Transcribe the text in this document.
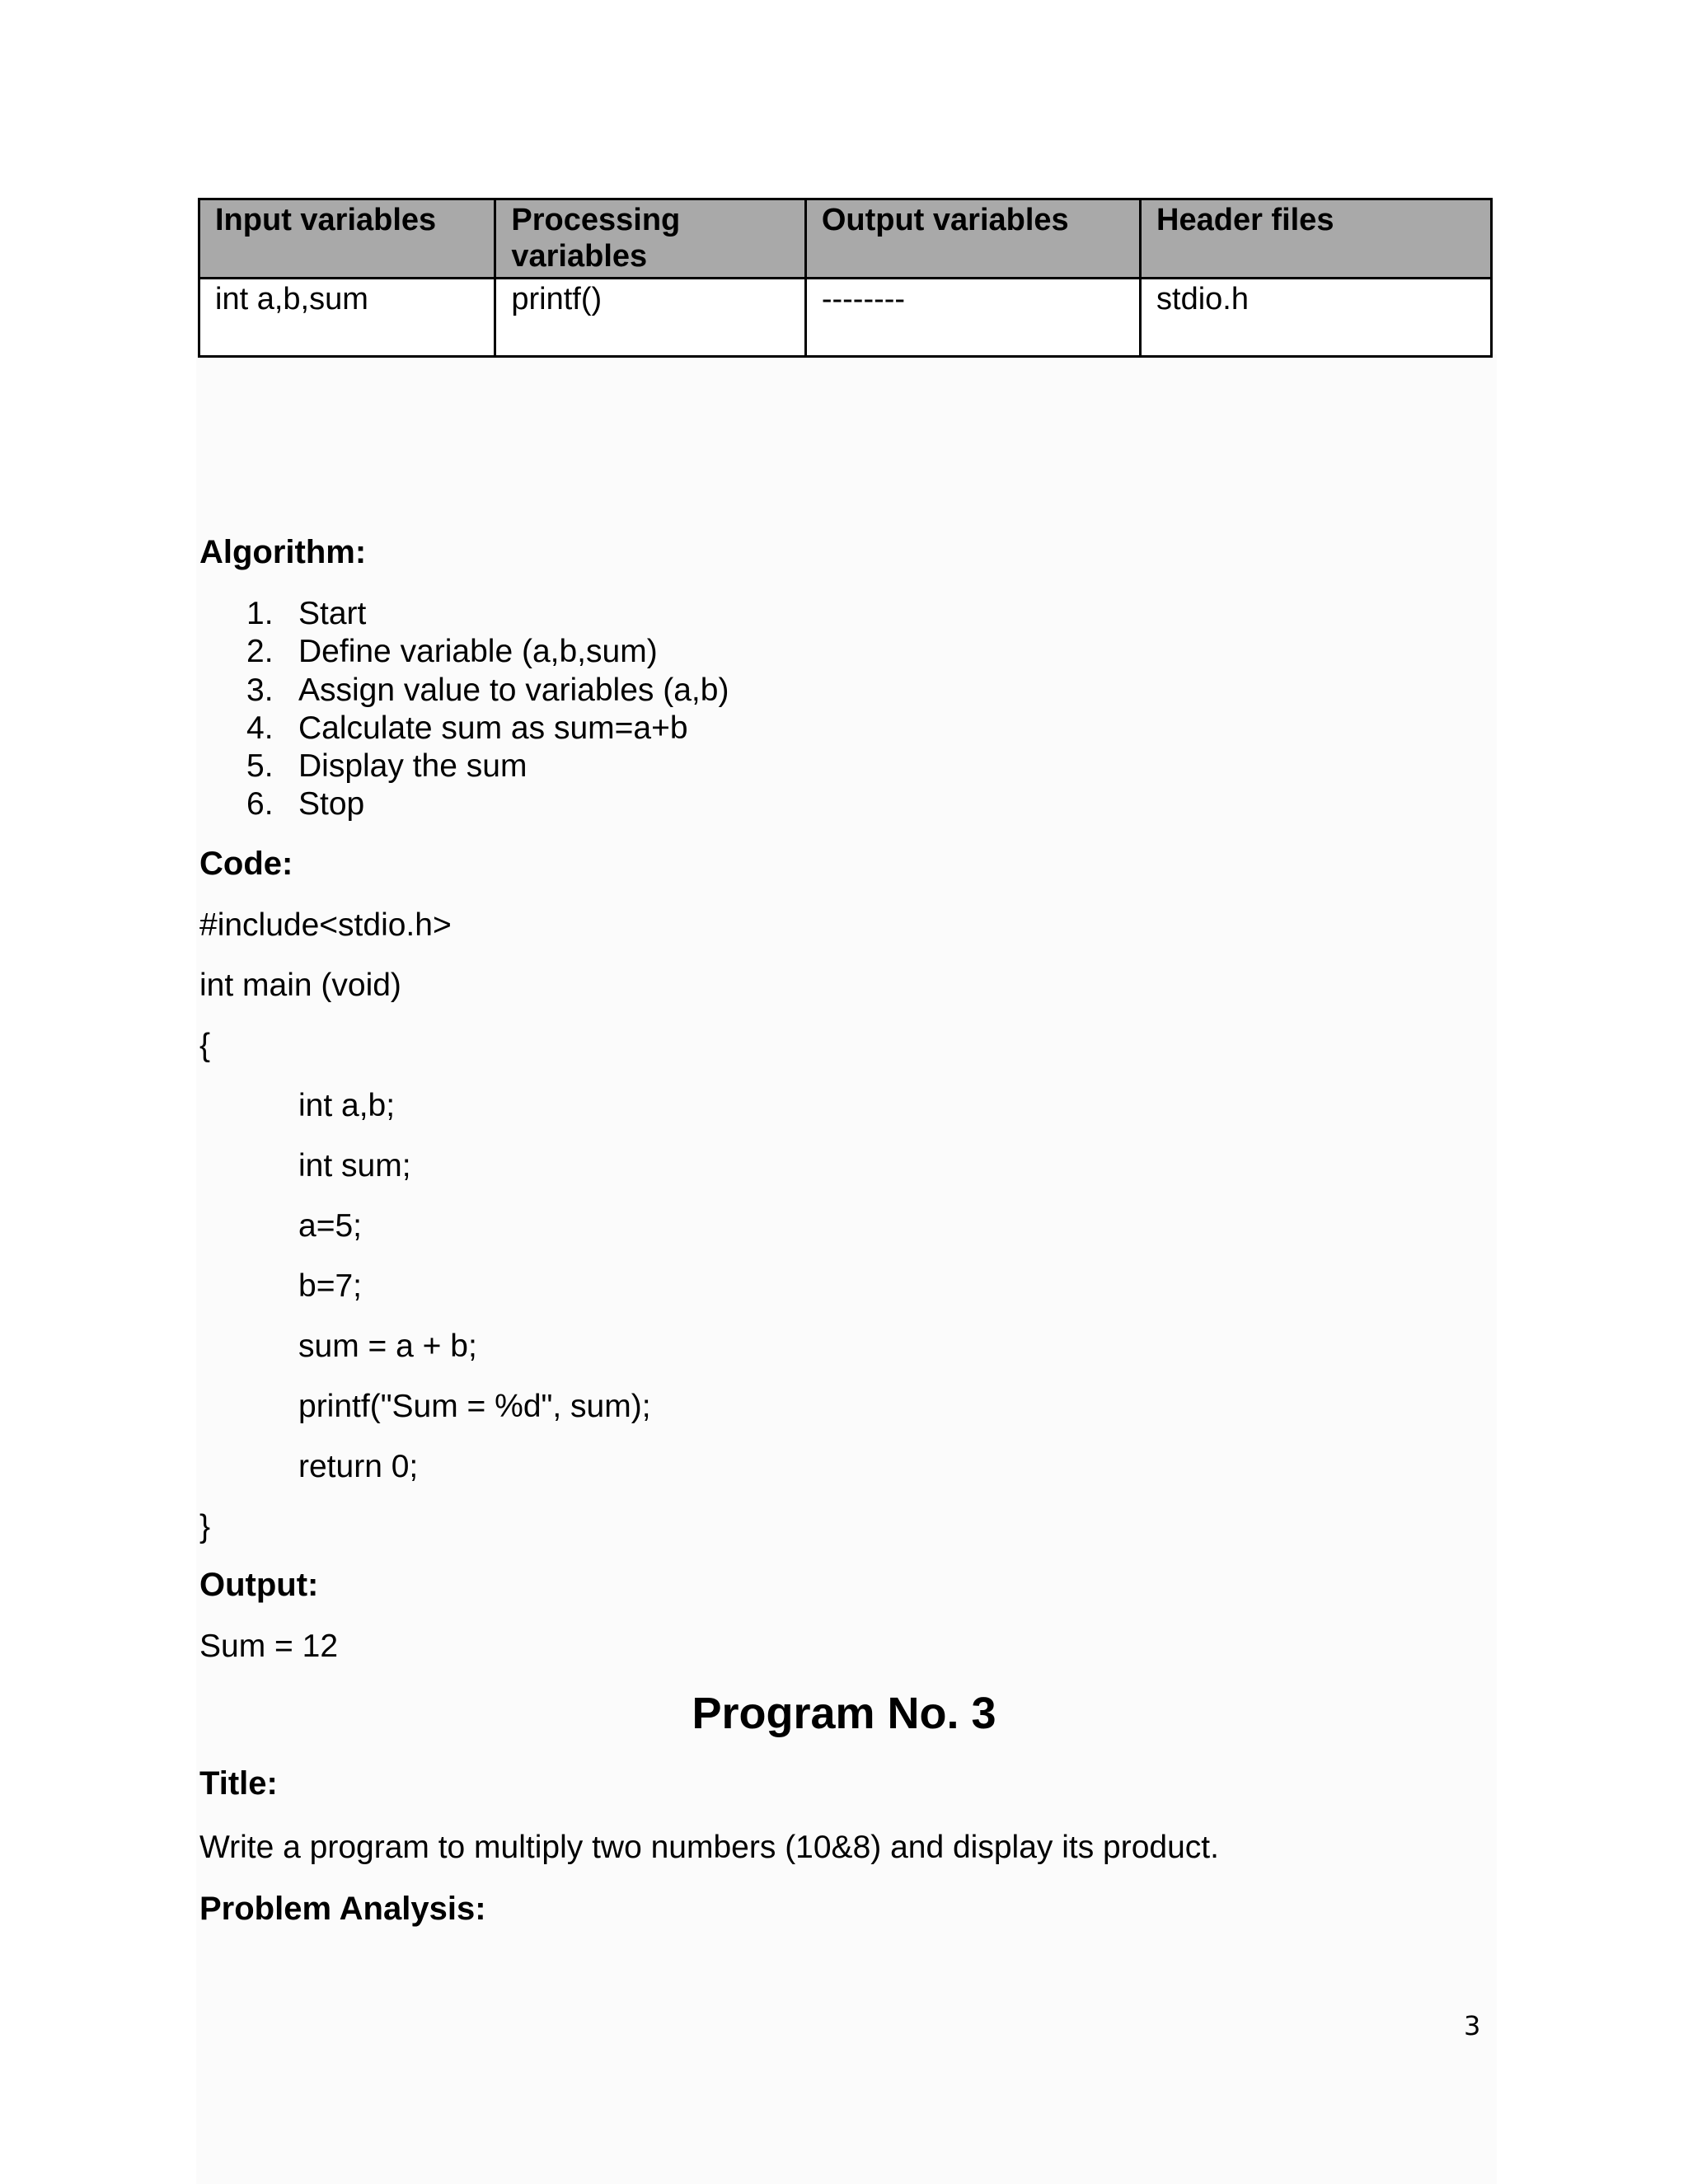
Input variables	Processing variables	Output variables	Header files
int a,b,sum	printf()	--------	stdio.h
Algorithm:
1. Start
2. Define variable (a,b,sum)
3. Assign value to variables (a,b)
4. Calculate sum as sum=a+b
5. Display the sum
6. Stop
Code:
#include<stdio.h>
int main (void)
{
int a,b;
int sum;
a=5;
b=7;
sum = a + b;
printf("Sum = %d", sum);
return 0;
}
Output:
Sum = 12
Program No. 3
Title:
Write a program to multiply two numbers (10&8) and display its product.
Problem Analysis:
3
